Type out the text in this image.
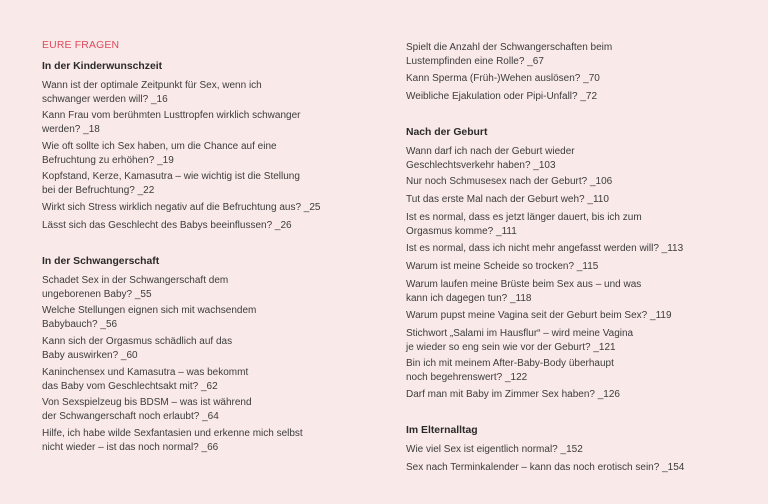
EURE FRAGEN
In der Kinderwunschzeit
Wann ist der optimale Zeitpunkt für Sex, wenn ich
schwanger werden will? _16
Kann Frau vom berühmten Lusttropfen wirklich schwanger
werden? _18
Wie oft sollte ich Sex haben, um die Chance auf eine
Befruchtung zu erhöhen? _19
Kopfstand, Kerze, Kamasutra – wie wichtig ist die Stellung
bei der Befruchtung? _22
Wirkt sich Stress wirklich negativ auf die Befruchtung aus? _25
Lässt sich das Geschlecht des Babys beeinflussen? _26
In der Schwangerschaft
Schadet Sex in der Schwangerschaft dem
ungeborenen Baby? _55
Welche Stellungen eignen sich mit wachsendem
Babybauch? _56
Kann sich der Orgasmus schädlich auf das
Baby auswirken? _60
Kaninchensex und Kamasutra – was bekommt
das Baby vom Geschlechtsakt mit? _62
Von Sexspielzeug bis BDSM – was ist während
der Schwangerschaft noch erlaubt? _64
Hilfe, ich habe wilde Sexfantasien und erkenne mich selbst
nicht wieder – ist das noch normal? _66
Spielt die Anzahl der Schwangerschaften beim
Lustempfinden eine Rolle? _67
Kann Sperma (Früh-)Wehen auslösen? _70
Weibliche Ejakulation oder Pipi-Unfall? _72
Nach der Geburt
Wann darf ich nach der Geburt wieder
Geschlechtsverkehr haben? _103
Nur noch Schmusesex nach der Geburt? _106
Tut das erste Mal nach der Geburt weh? _110
Ist es normal, dass es jetzt länger dauert, bis ich zum
Orgasmus komme? _111
Ist es normal, dass ich nicht mehr angefasst werden will? _113
Warum ist meine Scheide so trocken? _115
Warum laufen meine Brüste beim Sex aus – und was
kann ich dagegen tun? _118
Warum pupst meine Vagina seit der Geburt beim Sex? _119
Stichwort „Salami im Hausflur“ – wird meine Vagina
je wieder so eng sein wie vor der Geburt? _121
Bin ich mit meinem After-Baby-Body überhaupt
noch begehrenswert? _122
Darf man mit Baby im Zimmer Sex haben? _126
Im Elternalltag
Wie viel Sex ist eigentlich normal? _152
Sex nach Terminkalender – kann das noch erotisch sein? _154
